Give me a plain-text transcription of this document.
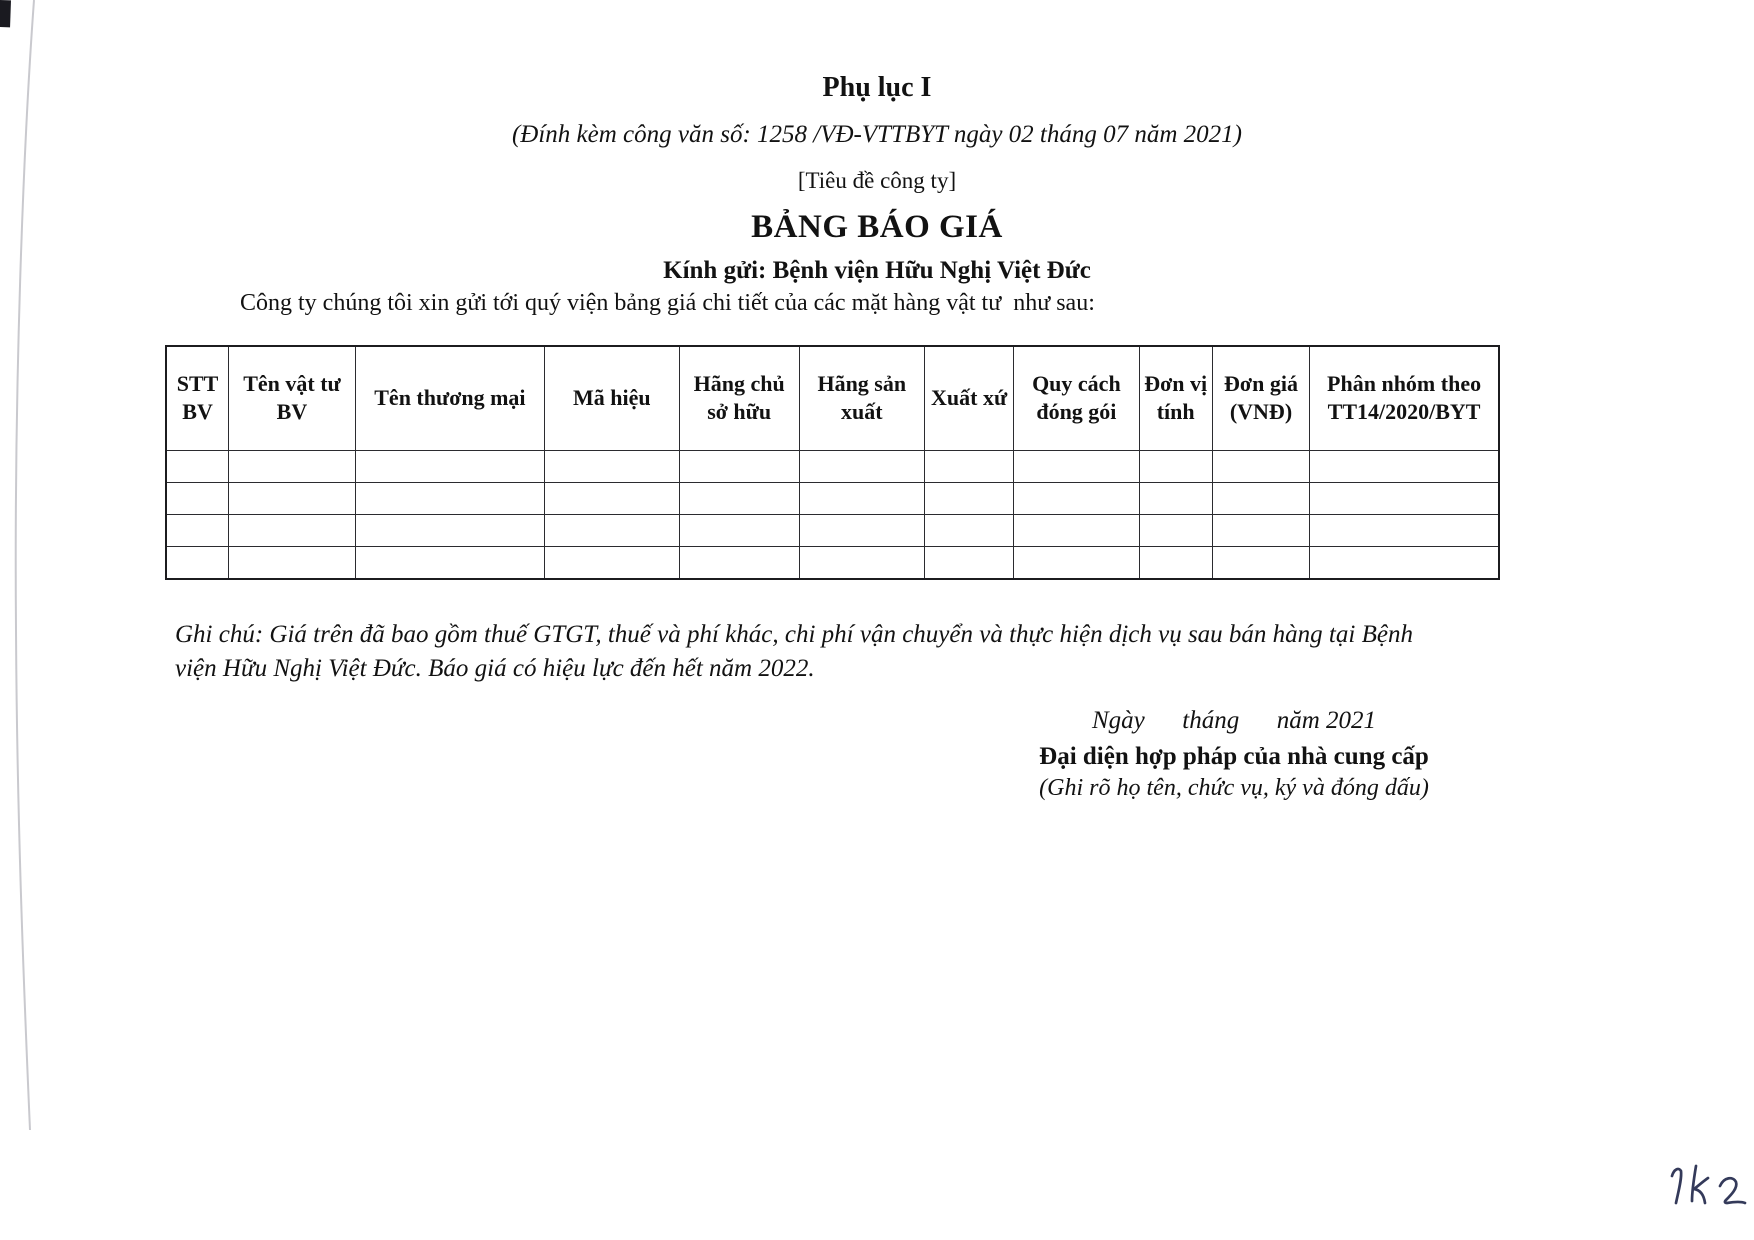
Phụ lục I
(Đính kèm công văn số: 1258 /VĐ-VTTBYT ngày 02 tháng 07 năm 2021)
[Tiêu đề công ty]
BẢNG BÁO GIÁ
Kính gửi: Bệnh viện Hữu Nghị Việt Đức
Công ty chúng tôi xin gửi tới quý viện bảng giá chi tiết của các mặt hàng vật tư  như sau:
STT BV	Tên vật tư BV	Tên thương mại	Mã hiệu	Hãng chủ sở hữu	Hãng sản xuất	Xuất xứ	Quy cách đóng gói	Đơn vị tính	Đơn giá (VNĐ)	Phân nhóm theo TT14/2020/BYT

Ghi chú: Giá trên đã bao gồm thuế GTGT, thuế và phí khác, chi phí vận chuyển và thực hiện dịch vụ sau bán hàng tại Bệnh viện Hữu Nghị Việt Đức. Báo giá có hiệu lực đến hết năm 2022.
Ngày      tháng      năm 2021
Đại diện hợp pháp của nhà cung cấp
(Ghi rõ họ tên, chức vụ, ký và đóng dấu)
